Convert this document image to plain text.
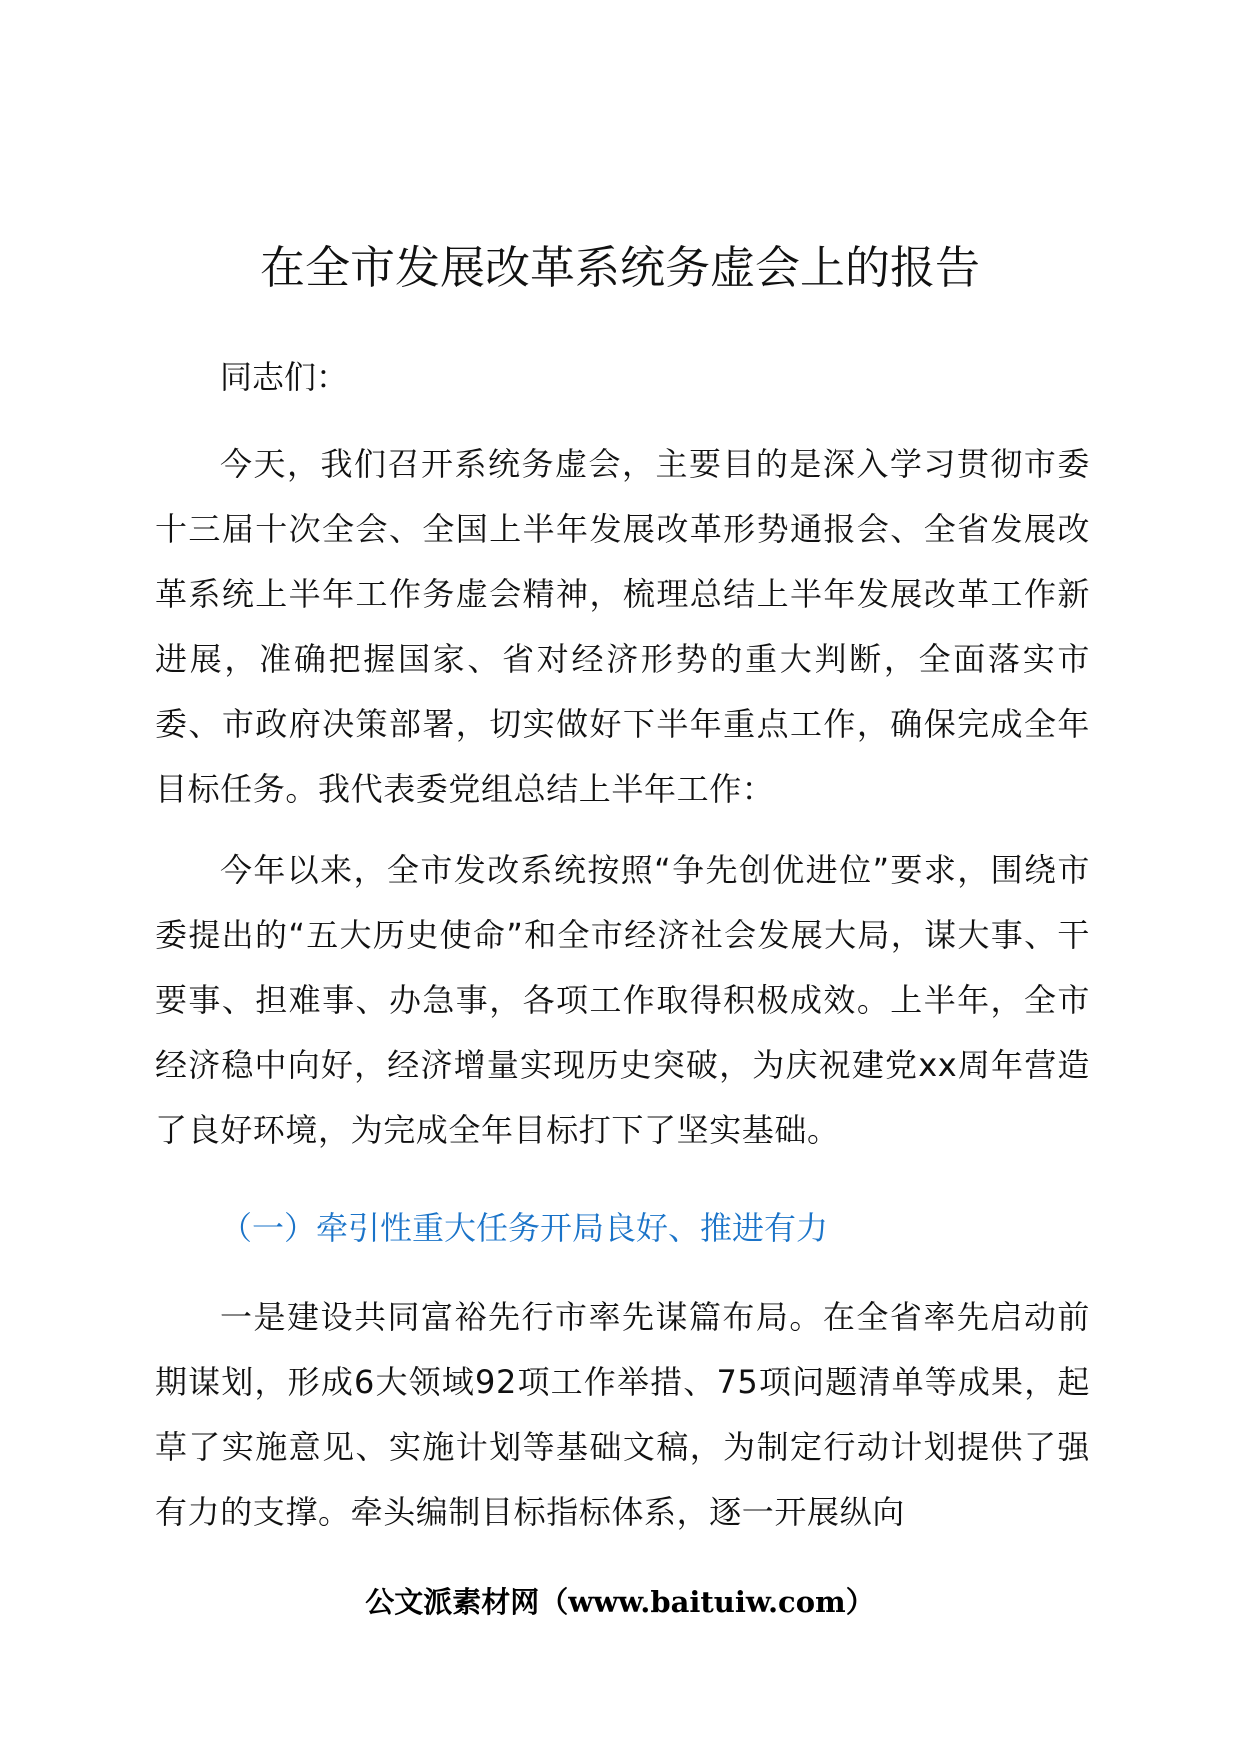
在全市发展改革系统务虚会上的报告

同志们：

今天，我们召开系统务虚会，主要目的是深入学习贯彻市委十三届十次全会、全国上半年发展改革形势通报会、全省发展改革系统上半年工作务虚会精神，梳理总结上半年发展改革工作新进展，准确把握国家、省对经济形势的重大判断，全面落实市委、市政府决策部署，切实做好下半年重点工作，确保完成全年目标任务。我代表委党组总结上半年工作：

今年以来，全市发改系统按照“争先创优进位”要求，围绕市委提出的“五大历史使命”和全市经济社会发展大局，谋大事、干要事、担难事、办急事，各项工作取得积极成效。上半年，全市经济稳中向好，经济增量实现历史突破，为庆祝建党xx周年营造了良好环境，为完成全年目标打下了坚实基础。

（一）牵引性重大任务开局良好、推进有力

一是建设共同富裕先行市率先谋篇布局。在全省率先启动前期谋划，形成6大领域92项工作举措、75项问题清单等成果，起草了实施意见、实施计划等基础文稿，为制定行动计划提供了强有力的支撑。牵头编制目标指标体系，逐一开展纵向

公文派素材网（www.baituiw.com）
